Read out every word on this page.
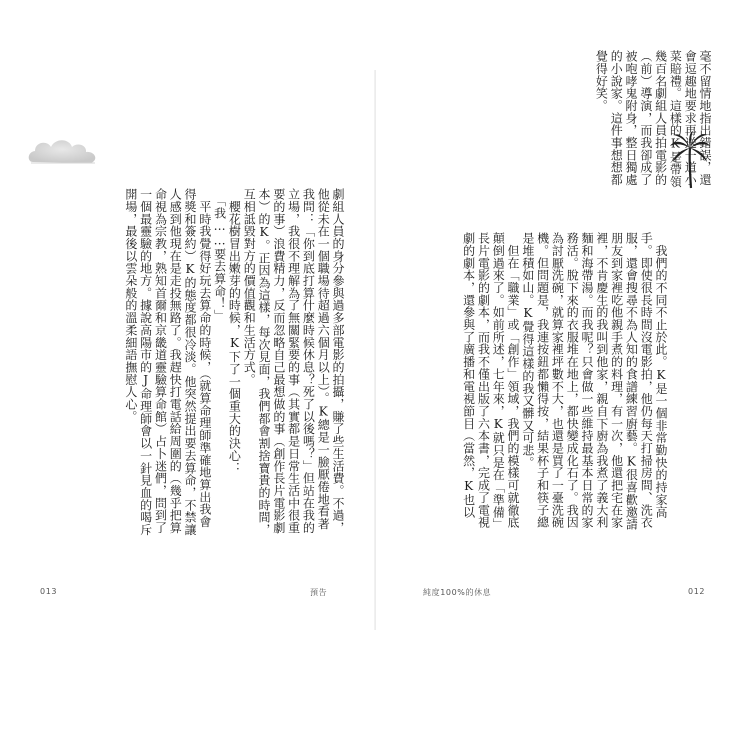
毫不留情地指出錯誤，還會逗趣地要求再送一道小菜賠禮。這樣的K是帶領幾百名劇組人員拍電影的（前）導演，而我卻成了被咆哮鬼附身，整日獨處的小說家。這件事想想都覺得好笑。
　我們的不同不止於此。K是一個非常勤快的持家高手。即使很長時間沒電影拍，他仍每天打掃房間、洗衣服，還會搜尋不為人知的食譜練習廚藝。K很喜歡邀請朋友到家裡吃他親手煮的料理，有一次，他還把宅在家裡，不肯慶生的我叫到他家，親自下廚為我煮了義大利麵和海帶湯。而我呢？只會做一些維持最基本日常的家務活。脫下來的衣服堆在地上，都快變成化石了。我因為討厭洗碗，就算家裡坪數不大，也還是買了一臺洗碗機。但問題是，我連按鈕都懶得按，結果杯子和筷子總是堆積如山。K覺得這樣的我又髒又可悲。
　但在「職業」或「創作」領域，我們的模樣可就徹底顛倒過來了。如前所述，七年來，K就只是在「準備」長片電影的劇本，而我不僅出版了六本書，完成了電視劇的劇本，還參與了廣播和電視節目（當然，K也以
劇組人員的身分參與過多部電影的拍攝，賺了些生活費。不過，他從未在一個職場待超過六個月以上）。K總是一臉厭倦地看著我問：「你到底打算什麼時候休息？死了以後嗎？」但站在我的立場，我很不理解為了無關緊要的事（其實都是日常生活中很重要的事）浪費精力，反而忽略自己最想做的事（創作長片電影劇本）的K。正因為這樣，每次見面，我們都會割捨寶貴的時間，互相詆毀對方的價值觀和生活方式。
　櫻花樹冒出嫩芽的時候，K下了一個重大的決心：
　「我……要去算命！」
　平時我覺得好玩去算命的時候，（就算命理師準確地算出我會得獎和簽約）K的態度都很冷淡。他突然提出要去算命，不禁讓人感到他現在是走投無路了。我趕快打電話給周圍的（幾乎把算命視為宗教，熟知首爾和京畿道靈驗算命館）占卜迷們，問到了一個最靈驗的地方。據說高陽市的J命理師會以一針見血的喝斥開場，最後以雲朵般的溫柔細語撫慰人心。
013	預告	純度100%的休息	012
